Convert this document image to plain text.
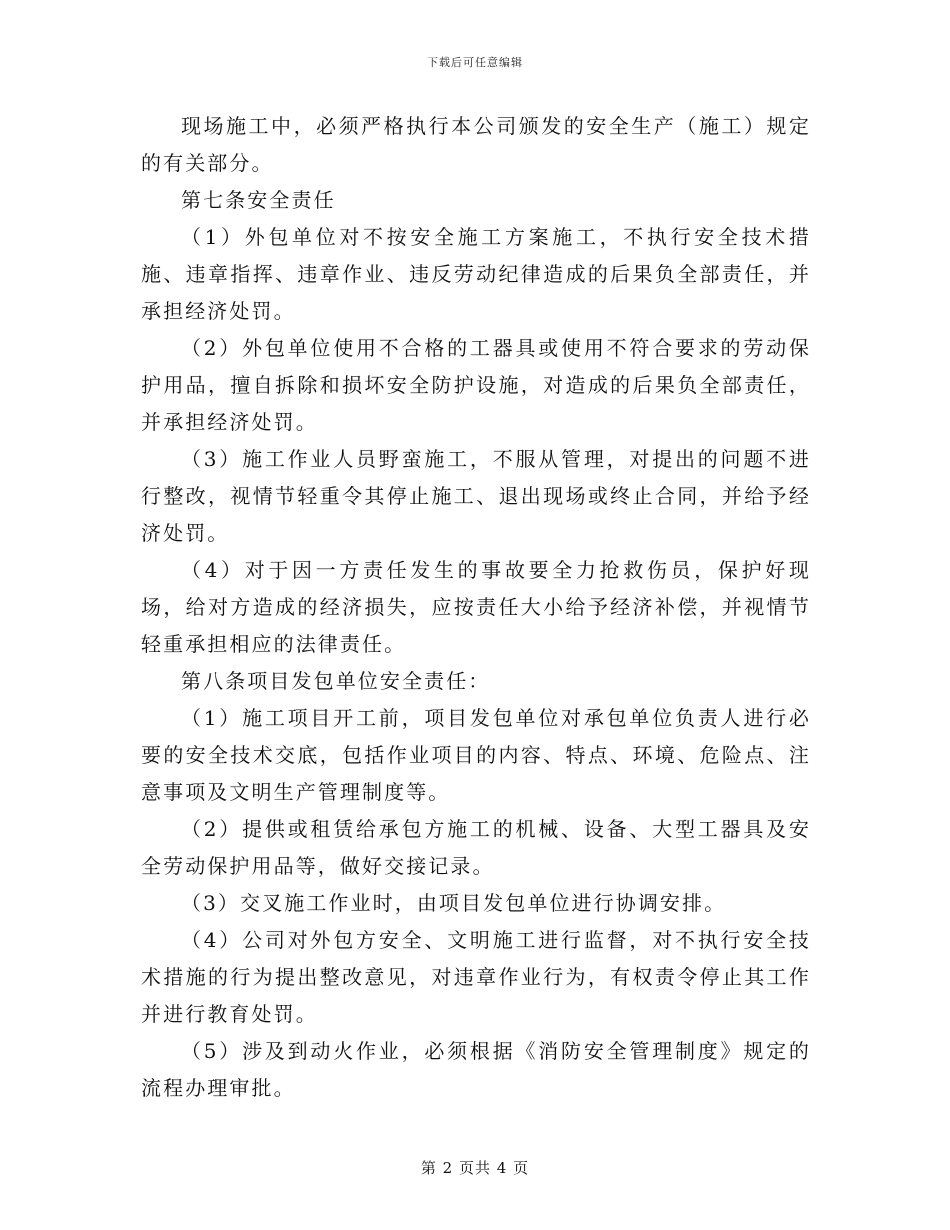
下载后可任意编辑

现场施工中，必须严格执行本公司颁发的安全生产（施工）规定的有关部分。

第七条安全责任

（1）外包单位对不按安全施工方案施工，不执行安全技术措施、违章指挥、违章作业、违反劳动纪律造成的后果负全部责任，并承担经济处罚。

（2）外包单位使用不合格的工器具或使用不符合要求的劳动保护用品，擅自拆除和损坏安全防护设施，对造成的后果负全部责任，并承担经济处罚。

（3）施工作业人员野蛮施工，不服从管理，对提出的问题不进行整改，视情节轻重令其停止施工、退出现场或终止合同，并给予经济处罚。

（4）对于因一方责任发生的事故要全力抢救伤员，保护好现场，给对方造成的经济损失，应按责任大小给予经济补偿，并视情节轻重承担相应的法律责任。

第八条项目发包单位安全责任：

（1）施工项目开工前，项目发包单位对承包单位负责人进行必要的安全技术交底，包括作业项目的内容、特点、环境、危险点、注意事项及文明生产管理制度等。

（2）提供或租赁给承包方施工的机械、设备、大型工器具及安全劳动保护用品等，做好交接记录。

（3）交叉施工作业时，由项目发包单位进行协调安排。

（4）公司对外包方安全、文明施工进行监督，对不执行安全技术措施的行为提出整改意见，对违章作业行为，有权责令停止其工作并进行教育处罚。

（5）涉及到动火作业，必须根据《消防安全管理制度》规定的流程办理审批。

第 2 页共 4 页
